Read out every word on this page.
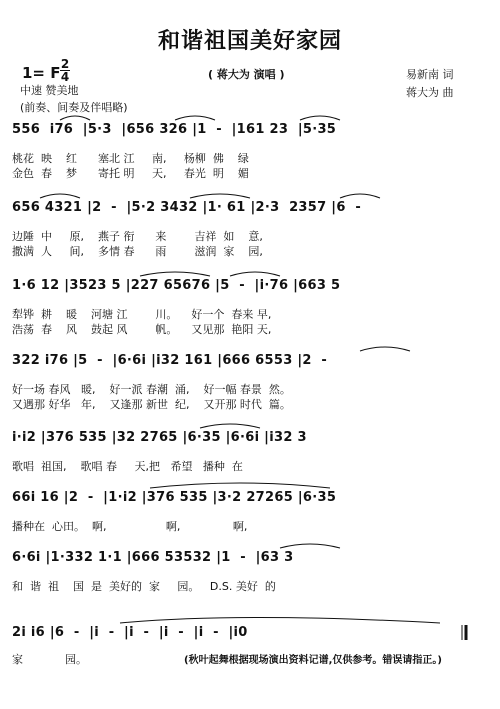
和谐祖国美好家园
1= F 2
4	( 蒋大为 演唱 )	易新南 词
蒋大为 曲
中速 赞美地
(前奏、间奏及伴唱略)
556  i76  |5·3  |656 326 |1  -  |161 23  |5·35
桃花  映    红      塞北 江     南,     杨柳  佛    绿
金色  春    梦      寄托 明     天,     春光  明    媚
656 4321 |2  -  |5·2 3432 |1· 61 |2·3  2357 |6  -
边陲  中     原,    燕子 衔      来        吉祥  如    意,
撒满  人     间,    多情 春      雨        滋润  家    园,
1·6 12 |3523 5 |227 65676 |5  -  |i·76 |663 5
犁铧  耕    暖    河塘 江        川。    好一个  春来 早,
浩荡  春    风    鼓起 风        帆。    又见那  艳阳 天,
322 i76 |5  -  |6·6i |i32 161 |666 6553 |2  -
好一场 春风   暖,    好一派 春潮  涌,    好一幅 春景  然。
又遇那 好华   年,    又逢那 新世  纪,    又开那 时代  篇。
i·i2 |376 535 |32 2765 |6·35 |6·6i |i32 3
歌唱  祖国,    歌唱 春     天,把   希望   播种  在
66i 16 |2  -  |1·i2 |376 535 |3·2 27265 |6·35
播种在  心田。  啊,                 啊,               啊,
6·6i |1·332 1·1 |666 53532 |1  -  |63 3
和  谐  祖    国  是  美好的  家     园。   D.S. 美好  的
2i i6 |6  -  |i  -  |i  -  |i  -  |i  -  |i0
家            园。	(秋叶起舞根据现场演出资料记谱,仅供参考。错误请指正。)
